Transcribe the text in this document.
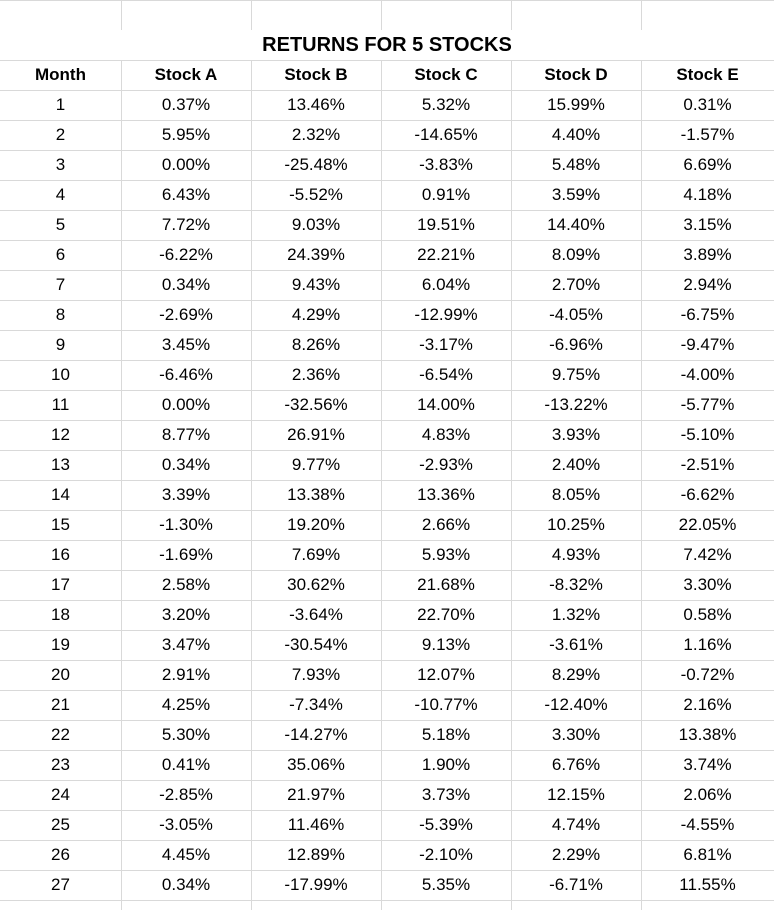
RETURNS FOR 5 STOCKS
Month	Stock A	Stock B	Stock C	Stock D	Stock E
1	0.37%	13.46%	5.32%	15.99%	0.31%
2	5.95%	2.32%	-14.65%	4.40%	-1.57%
3	0.00%	-25.48%	-3.83%	5.48%	6.69%
4	6.43%	-5.52%	0.91%	3.59%	4.18%
5	7.72%	9.03%	19.51%	14.40%	3.15%
6	-6.22%	24.39%	22.21%	8.09%	3.89%
7	0.34%	9.43%	6.04%	2.70%	2.94%
8	-2.69%	4.29%	-12.99%	-4.05%	-6.75%
9	3.45%	8.26%	-3.17%	-6.96%	-9.47%
10	-6.46%	2.36%	-6.54%	9.75%	-4.00%
11	0.00%	-32.56%	14.00%	-13.22%	-5.77%
12	8.77%	26.91%	4.83%	3.93%	-5.10%
13	0.34%	9.77%	-2.93%	2.40%	-2.51%
14	3.39%	13.38%	13.36%	8.05%	-6.62%
15	-1.30%	19.20%	2.66%	10.25%	22.05%
16	-1.69%	7.69%	5.93%	4.93%	7.42%
17	2.58%	30.62%	21.68%	-8.32%	3.30%
18	3.20%	-3.64%	22.70%	1.32%	0.58%
19	3.47%	-30.54%	9.13%	-3.61%	1.16%
20	2.91%	7.93%	12.07%	8.29%	-0.72%
21	4.25%	-7.34%	-10.77%	-12.40%	2.16%
22	5.30%	-14.27%	5.18%	3.30%	13.38%
23	0.41%	35.06%	1.90%	6.76%	3.74%
24	-2.85%	21.97%	3.73%	12.15%	2.06%
25	-3.05%	11.46%	-5.39%	4.74%	-4.55%
26	4.45%	12.89%	-2.10%	2.29%	6.81%
27	0.34%	-17.99%	5.35%	-6.71%	11.55%
